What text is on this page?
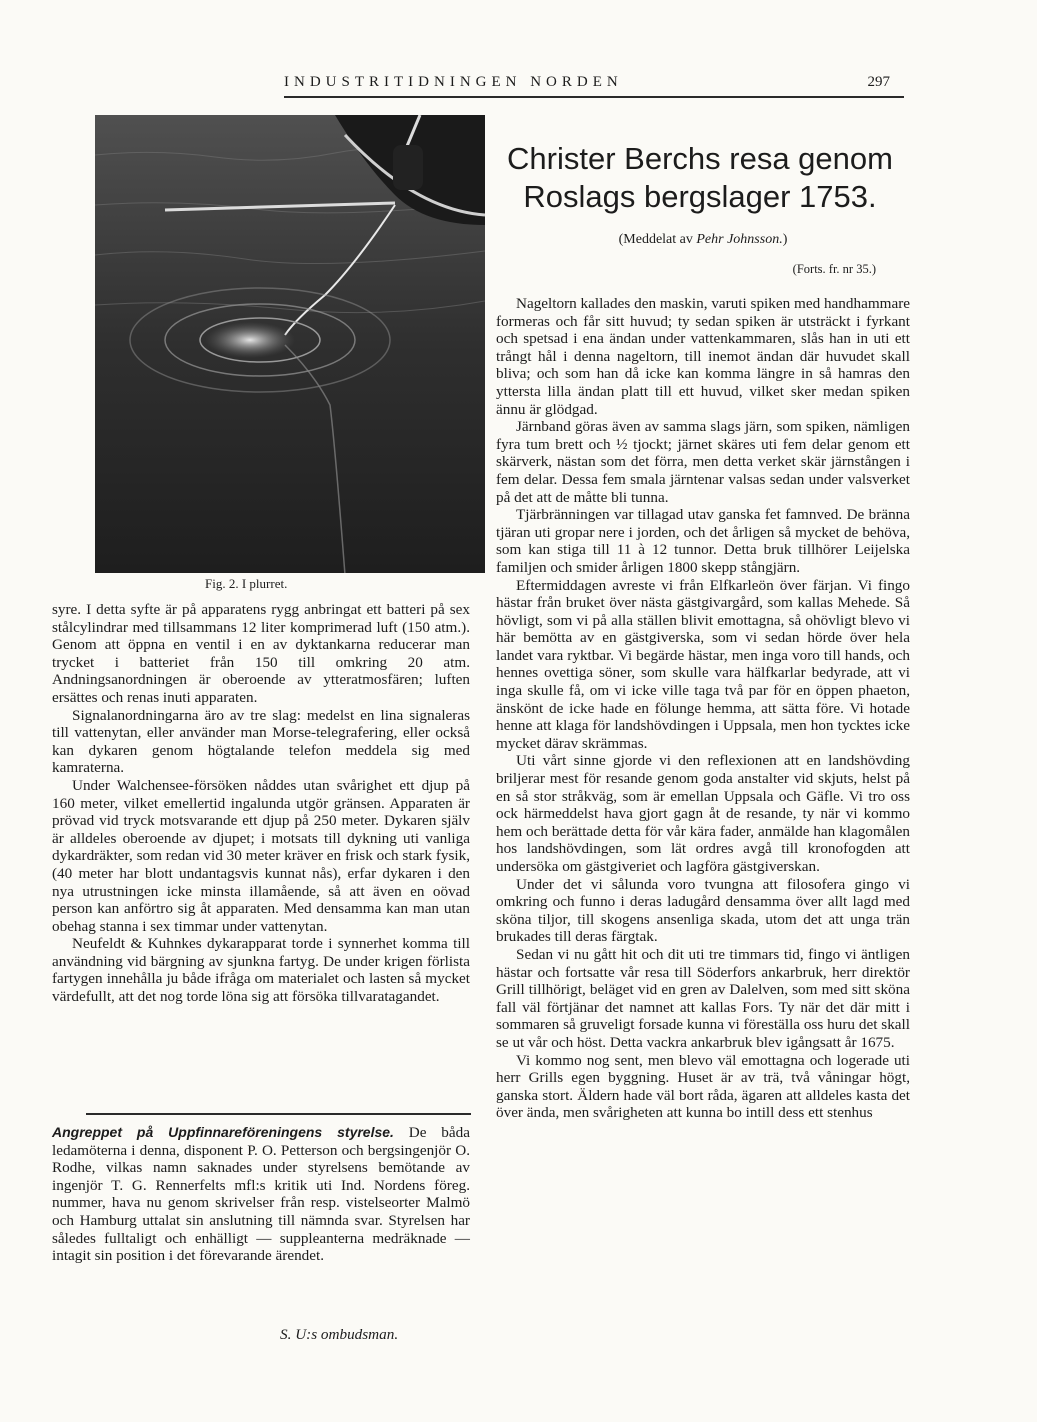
INDUSTRITIDNINGEN NORDEN	297
Fig. 2. I plurret.

syre. I detta syfte är på apparatens rygg anbringat ett batteri på sex stålcylindrar med tillsammans 12 liter komprimerad luft (150 atm.). Genom att öppna en ventil i en av dyktankarna reducerar man trycket i batteriet från 150 till omkring 20 atm. Andningsanordningen är oberoende av ytteratmosfären; luften ersättes och renas inuti apparaten.

Signalanordningarna äro av tre slag: medelst en lina signaleras till vattenytan, eller använder man Morse-telegrafering, eller också kan dykaren genom högtalande telefon meddela sig med kamraterna.

Under Walchensee-försöken nåddes utan svårighet ett djup på 160 meter, vilket emellertid ingalunda utgör gränsen. Apparaten är prövad vid tryck motsvarande ett djup på 250 meter. Dykaren själv är alldeles oberoende av djupet; i motsats till dykning uti vanliga dykardräkter, som redan vid 30 meter kräver en frisk och stark fysik, (40 meter har blott undantagsvis kunnat nås), erfar dykaren i den nya utrustningen icke minsta illamående, så att även en oövad person kan anförtro sig åt apparaten. Med densamma kan man utan obehag stanna i sex timmar under vattenytan.

Neufeldt & Kuhnkes dykarapparat torde i synnerhet komma till användning vid bärgning av sjunkna fartyg. De under krigen förlista fartygen innehålla ju både ifråga om materialet och lasten så mycket värdefullt, att det nog torde löna sig att försöka tillvaratagandet.

Angreppet på Uppfinnareföreningens styrelse. De båda ledamöterna i denna, disponent P. O. Petterson och bergsingenjör O. Rodhe, vilkas namn saknades under styrelsens bemötande av ingenjör T. G. Rennerfelts mfl:s kritik uti Ind. Nordens föreg. nummer, hava nu genom skrivelser från resp. vistelseorter Malmö och Hamburg uttalat sin anslutning till nämnda svar. Styrelsen har således fulltaligt och enhälligt — suppleanterna medräknade — intagit sin position i det förevarande ärendet.

S. U:s ombudsman.
Christer Berchs resa genom Roslags bergslager 1753.
(Meddelat av Pehr Johnsson.)
(Forts. fr. nr 35.)

Nageltorn kallades den maskin, varuti spiken med handhammare formeras och får sitt huvud; ty sedan spiken är utsträckt i fyrkant och spetsad i ena ändan under vattenkammaren, slås han in uti ett trångt hål i denna nageltorn, till inemot ändan där huvudet skall bliva; och som han då icke kan komma längre in så hamras den yttersta lilla ändan platt till ett huvud, vilket sker medan spiken ännu är glödgad.

Järnband göras även av samma slags järn, som spiken, nämligen fyra tum brett och ½ tjockt; järnet skäres uti fem delar genom ett skärverk, nästan som det förra, men detta verket skär järnstången i fem delar. Dessa fem smala järntenar valsas sedan under valsverket på det att de måtte bli tunna.

Tjärbränningen var tillagad utav ganska fet famnved. De bränna tjäran uti gropar nere i jorden, och det årligen så mycket de behöva, som kan stiga till 11 à 12 tunnor. Detta bruk tillhörer Leijelska familjen och smider årligen 1800 skepp stångjärn.

Eftermiddagen avreste vi från Elfkarleön över färjan. Vi fingo hästar från bruket över nästa gästgivargård, som kallas Mehede. Så hövligt, som vi på alla ställen blivit emottagna, så ohövligt blevo vi här bemötta av en gästgiverska, som vi sedan hörde över hela landet vara ryktbar. Vi begärde hästar, men inga voro till hands, och hennes ovettiga söner, som skulle vara hälfkarlar bedyrade, att vi inga skulle få, om vi icke ville taga två par för en öppen phaeton, änskönt de icke hade en fölunge hemma, att sätta före. Vi hotade henne att klaga för landshövdingen i Uppsala, men hon tycktes icke mycket därav skrämmas.

Uti vårt sinne gjorde vi den reflexionen att en landshövding briljerar mest för resande genom goda anstalter vid skjuts, helst på en så stor stråkväg, som är emellan Uppsala och Gäfle. Vi tro oss ock härmeddelst hava gjort gagn åt de resande, ty när vi kommo hem och berättade detta för vår kära fader, anmälde han klagomålen hos landshövdingen, som lät ordres avgå till kronofogden att undersöka om gästgiveriet och lagföra gästgiverskan.

Under det vi sålunda voro tvungna att filosofera gingo vi omkring och funno i deras ladugård densamma över allt lagd med sköna tiljor, till skogens ansenliga skada, utom det att unga trän brukades till deras färgtak.

Sedan vi nu gått hit och dit uti tre timmars tid, fingo vi äntligen hästar och fortsatte vår resa till Söderfors ankarbruk, herr direktör Grill tillhörigt, beläget vid en gren av Dalelven, som med sitt sköna fall väl förtjänar det namnet att kallas Fors. Ty när det där mitt i sommaren så gruveligt forsade kunna vi föreställa oss huru det skall se ut vår och höst. Detta vackra ankarbruk blev igångsatt år 1675.

Vi kommo nog sent, men blevo väl emottagna och logerade uti herr Grills egen byggning. Huset är av trä, två våningar högt, ganska stort. Äldern hade väl bort råda, ägaren att alldeles kasta det över ända, men svårigheten att kunna bo intill dess ett stenhus
